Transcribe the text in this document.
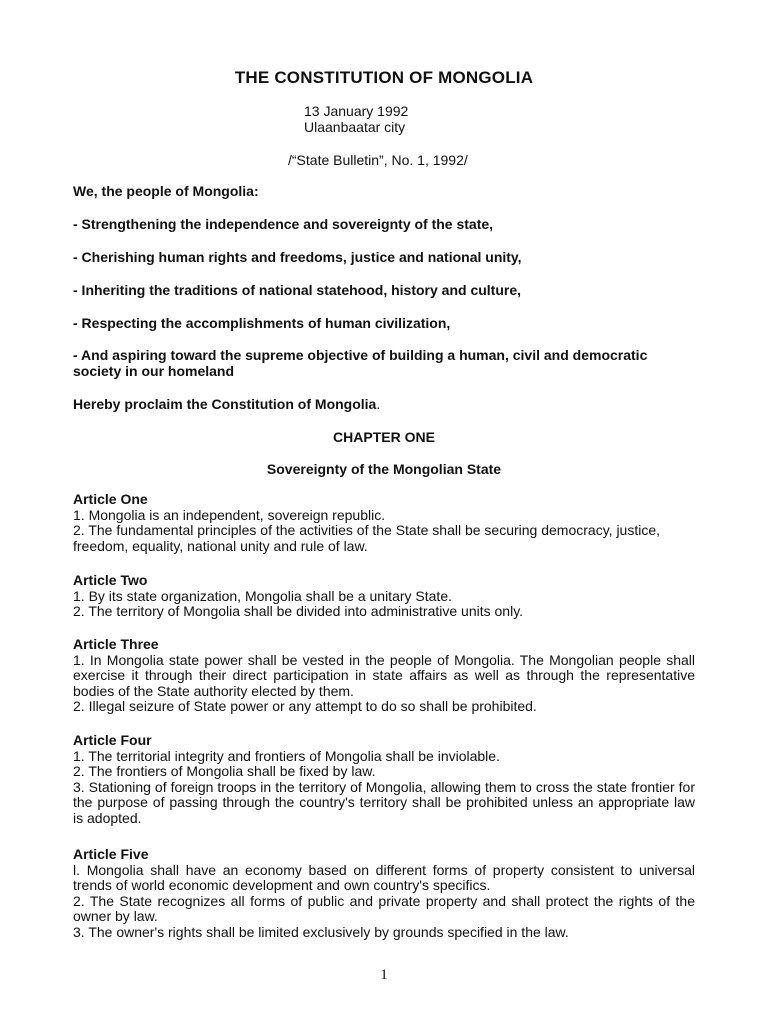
THE CONSTITUTION OF MONGOLIA
13 January 1992
Ulaanbaatar city
/“State Bulletin”, No. 1, 1992/
We, the people of Mongolia:
- Strengthening the independence and sovereignty of the state,
- Cherishing human rights and freedoms, justice and national unity,
- Inheriting the traditions of national statehood, history and culture,
- Respecting the accomplishments of human civilization,
- And aspiring toward the supreme objective of building a human, civil and democratic society in our homeland
Hereby proclaim the Constitution of Mongolia.
CHAPTER ONE
Sovereignty of the Mongolian State
Article One
1. Mongolia is an independent, sovereign republic.
2. The fundamental principles of the activities of the State shall be securing democracy, justice, freedom, equality, national unity and rule of law.
Article Two
1. By its state organization, Mongolia shall be a unitary State.
2. The territory of Mongolia shall be divided into administrative units only.
Article Three
1. In Mongolia state power shall be vested in the people of Mongolia. The Mongolian people shall exercise it through their direct participation in state affairs as well as through the representative bodies of the State authority elected by them.
2. Illegal seizure of State power or any attempt to do so shall be prohibited.
Article Four
1. The territorial integrity and frontiers of Mongolia shall be inviolable.
2. The frontiers of Mongolia shall be fixed by law.
3. Stationing of foreign troops in the territory of Mongolia, allowing them to cross the state frontier for the purpose of passing through the country's territory shall be prohibited unless an appropriate law is adopted.
Article Five
l. Mongolia shall have an economy based on different forms of property consistent to universal trends of world economic development and own country's specifics.
2. The State recognizes all forms of public and private property and shall protect the rights of the owner by law.
3. The owner's rights shall be limited exclusively by grounds specified in the law.
1
